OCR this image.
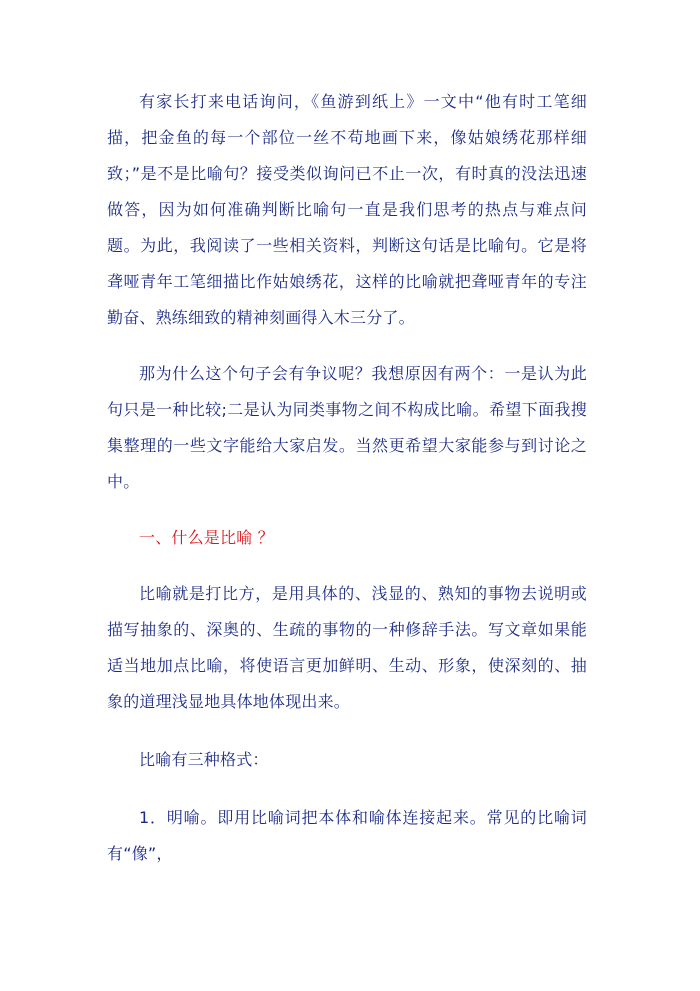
有家长打来电话询问，《鱼游到纸上》一文中“他有时工笔细描，把金鱼的每一个部位一丝不苟地画下来，像姑娘绣花那样细致；”是不是比喻句？接受类似询问已不止一次，有时真的没法迅速做答，因为如何准确判断比喻句一直是我们思考的热点与难点问题。为此，我阅读了一些相关资料，判断这句话是比喻句。它是将聋哑青年工笔细描比作姑娘绣花，这样的比喻就把聋哑青年的专注勤奋、熟练细致的精神刻画得入木三分了。

那为什么这个句子会有争议呢？我想原因有两个：一是认为此句只是一种比较;二是认为同类事物之间不构成比喻。希望下面我搜集整理的一些文字能给大家启发。当然更希望大家能参与到讨论之中。

一、什么是比喻 ？

比喻就是打比方，是用具体的、浅显的、熟知的事物去说明或描写抽象的、深奥的、生疏的事物的一种修辞手法。写文章如果能适当地加点比喻，将使语言更加鲜明、生动、形象，使深刻的、抽象的道理浅显地具体地体现出来。

比喻有三种格式：

1．明喻。即用比喻词把本体和喻体连接起来。常见的比喻词有“像”，
